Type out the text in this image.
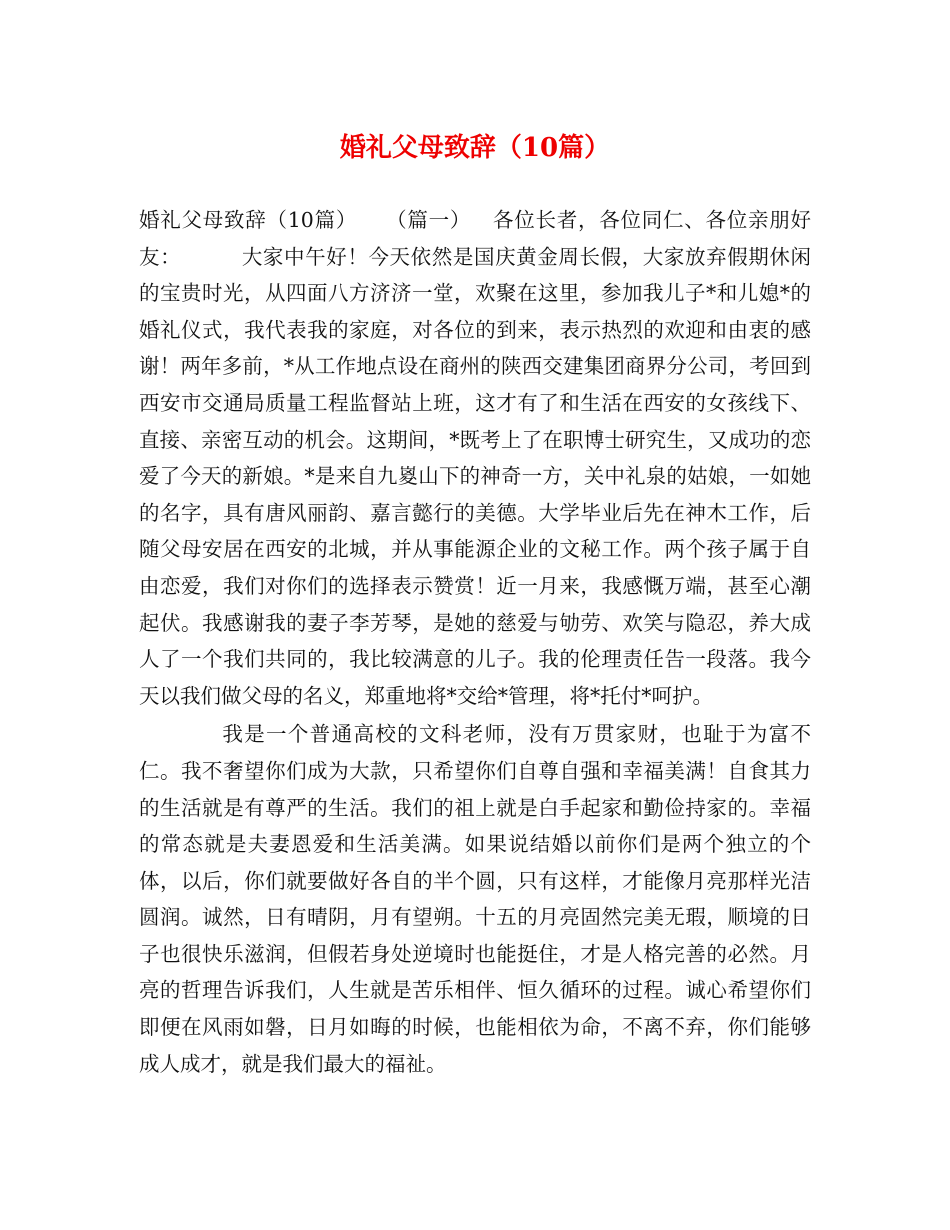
婚礼父母致辞（10篇）

婚礼父母致辞（10篇） （篇一） 各位长者，各位同仁、各位亲朋好友：	大家中午好！今天依然是国庆黄金周长假，大家放弃假期休闲的宝贵时光，从四面八方济济一堂，欢聚在这里，参加我儿子*和儿媳*的婚礼仪式，我代表我的家庭，对各位的到来，表示热烈的欢迎和由衷的感谢！两年多前，*从工作地点设在商州的陕西交建集团商界分公司，考回到西安市交通局质量工程监督站上班，这才有了和生活在西安的女孩线下、直接、亲密互动的机会。这期间，*既考上了在职博士研究生，又成功的恋爱了今天的新娘。*是来自九嵏山下的神奇一方，关中礼泉的姑娘，一如她的名字，具有唐风丽韵、嘉言懿行的美德。大学毕业后先在神木工作，后随父母安居在西安的北城，并从事能源企业的文秘工作。两个孩子属于自由恋爱，我们对你们的选择表示赞赏！近一月来，我感慨万端，甚至心潮起伏。我感谢我的妻子李芳琴，是她的慈爱与劬劳、欢笑与隐忍，养大成人了一个我们共同的，我比较满意的儿子。我的伦理责任告一段落。我今天以我们做父母的名义，郑重地将*交给*管理，将*托付*呵护。

我是一个普通高校的文科老师，没有万贯家财，也耻于为富不仁。我不奢望你们成为大款，只希望你们自尊自强和幸福美满！自食其力的生活就是有尊严的生活。我们的祖上就是白手起家和勤俭持家的。幸福的常态就是夫妻恩爱和生活美满。如果说结婚以前你们是两个独立的个体，以后，你们就要做好各自的半个圆，只有这样，才能像月亮那样光洁圆润。诚然，日有晴阴，月有望朔。十五的月亮固然完美无瑕，顺境的日子也很快乐滋润，但假若身处逆境时也能挺住，才是人格完善的必然。月亮的哲理告诉我们，人生就是苦乐相伴、恒久循环的过程。诚心希望你们即便在风雨如磐，日月如晦的时候，也能相依为命，不离不弃，你们能够成人成才，就是我们最大的福祉。
